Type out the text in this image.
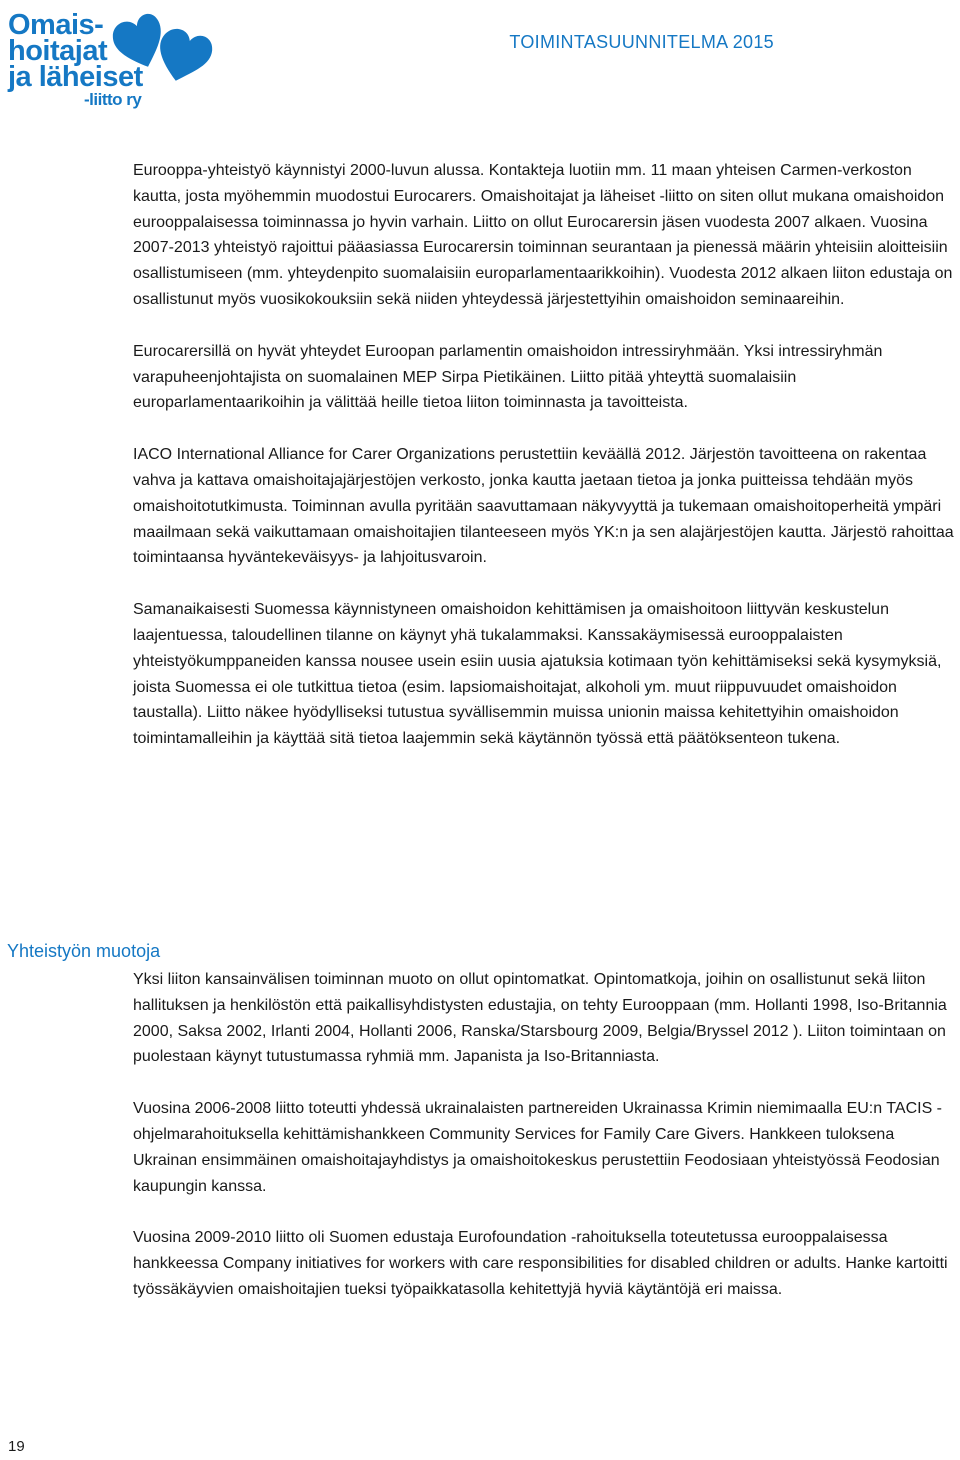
Omais-
hoitajat
ja läheiset
-liitto ry
TOIMINTASUUNNITELMA 2015

Eurooppa-yhteistyö käynnistyi 2000-luvun alussa. Kontakteja luotiin mm. 11 maan yhteisen Carmen-verkoston kautta, josta myöhemmin muodostui Eurocarers. Omaishoitajat ja läheiset -liitto on siten ollut mukana omaishoidon eurooppalaisessa toiminnassa jo hyvin varhain. Liitto on ollut Eurocarersin jäsen vuodesta 2007 alkaen. Vuosina 2007-2013 yhteistyö rajoittui pääasiassa Eurocarersin toiminnan seurantaan ja pienessä määrin yhteisiin aloitteisiin osallistumiseen (mm. yhteydenpito suomalaisiin europarlamentaarikkoihin). Vuodesta 2012 alkaen liiton edustaja on osallistunut myös vuosikokouksiin sekä niiden yhteydessä järjestettyihin omaishoidon seminaareihin.

Eurocarersillä on hyvät yhteydet Euroopan parlamentin omaishoidon intressiryhmään. Yksi intressiryhmän varapuheenjohtajista on suomalainen MEP Sirpa Pietikäinen. Liitto pitää yhteyttä suomalaisiin europarlamentaarikoihin ja välittää heille tietoa liiton toiminnasta ja tavoitteista.

IACO International Alliance for Carer Organizations perustettiin keväällä 2012. Järjestön tavoitteena on rakentaa vahva ja kattava omaishoitajajärjestöjen verkosto, jonka kautta jaetaan tietoa ja jonka puitteissa tehdään myös omaishoitotutkimusta. Toiminnan avulla pyritään saavuttamaan näkyvyyttä ja tukemaan omaishoitoperheitä ympäri maailmaan sekä vaikuttamaan omaishoitajien tilanteeseen myös YK:n ja sen alajärjestöjen kautta. Järjestö rahoittaa toimintaansa hyväntekeväisyys- ja lahjoitusvaroin.

Samanaikaisesti Suomessa käynnistyneen omaishoidon kehittämisen ja omaishoitoon liittyvän keskustelun laajentuessa, taloudellinen tilanne on käynyt yhä tukalammaksi. Kanssakäymisessä eurooppalaisten yhteistyökumppaneiden kanssa nousee usein esiin uusia ajatuksia kotimaan työn kehittämiseksi sekä kysymyksiä, joista Suomessa ei ole tutkittua tietoa (esim. lapsiomaishoitajat, alkoholi ym. muut riippuvuudet omaishoidon taustalla). Liitto näkee hyödylliseksi tutustua syvällisemmin muissa unionin maissa kehitettyihin omaishoidon toimintamalleihin ja käyttää sitä tietoa laajemmin sekä käytännön työssä että päätöksenteon tukena.

Yhteistyön muotoja

Yksi liiton kansainvälisen toiminnan muoto on ollut opintomatkat. Opintomatkoja, joihin on osallistunut sekä liiton hallituksen ja henkilöstön että paikallisyhdistysten edustajia, on tehty Eurooppaan (mm. Hollanti 1998, Iso-Britannia 2000, Saksa 2002, Irlanti 2004, Hollanti 2006, Ranska/Starsbourg 2009, Belgia/Bryssel 2012 ). Liiton toimintaan on puolestaan käynyt tutustumassa ryhmiä mm. Japanista ja Iso-Britanniasta.

Vuosina 2006-2008 liitto toteutti yhdessä ukrainalaisten partnereiden Ukrainassa Krimin niemimaalla EU:n TACIS -ohjelmarahoituksella kehittämishankkeen Community Services for Family Care Givers. Hankkeen tuloksena Ukrainan ensimmäinen omaishoitajayhdistys ja omaishoitokeskus perustettiin Feodosiaan yhteistyössä Feodosian kaupungin kanssa.

Vuosina 2009-2010 liitto oli Suomen edustaja Eurofoundation -rahoituksella toteutetussa eurooppalaisessa hankkeessa Company initiatives for workers with care responsibilities for disabled children or adults. Hanke kartoitti työssäkäyvien omaishoitajien tueksi työpaikkatasolla kehitettyjä hyviä käytäntöjä eri maissa.

19
